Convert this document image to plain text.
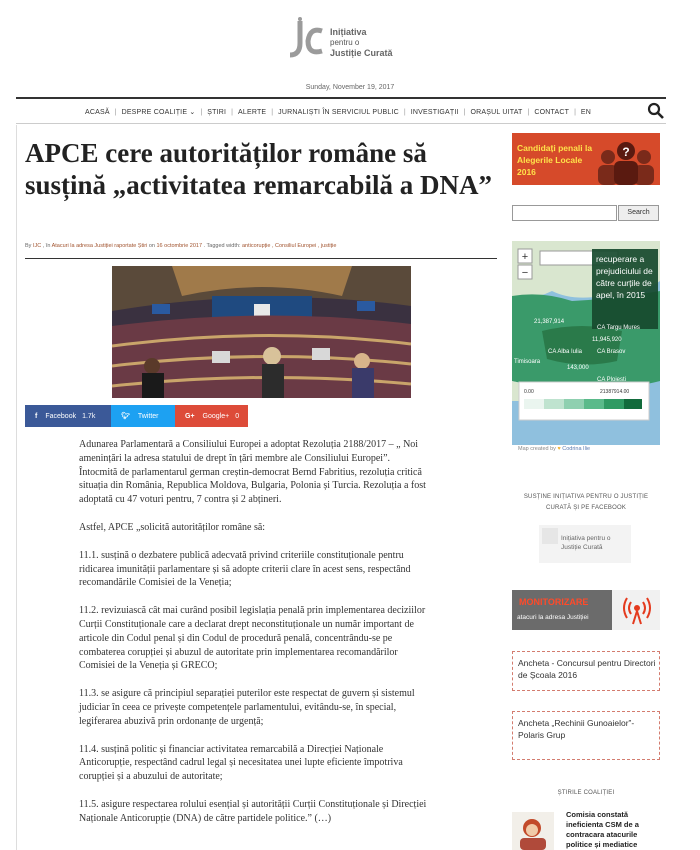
Inițiativa
pentru o
Justiție Curată
Sunday, November 19, 2017
ACASĂ | DESPRE COALIȚIE ⌄ | ȘTIRI | ALERTE | JURNALIȘTI ÎN SERVICIUL PUBLIC | INVESTIGAȚII | ORAȘUL UITAT | CONTACT | EN
APCE cere autorităților române să susțină „activitatea remarcabilă a DNA”
By IJC , în Atacuri la adresa Justiției raportate Știri on 16 octombrie 2017 . Tagged width: anticorupție , Consiliul Europei , justiție
f Facebook 1.7k	🐦︎ Twitter	G+ Google+ 0

Adunarea Parlamentară a Consiliului Europei a adoptat Rezoluția 2188/2017 – „ Noi amenințări la adresa statului de drept în țări membre ale Consiliului Europei”. Întocmită de parlamentarul german creștin-democrat Bernd Fabritius, rezoluția critică situația din România, Republica Moldova, Bulgaria, Polonia și Turcia. Rezoluția a fost adoptată cu 47 voturi pentru, 7 contra și 2 abțineri.

Astfel, APCE „solicită autorităților române să:

11.1. susțină o dezbatere publică adecvată privind criteriile constituționale pentru ridicarea imunității parlamentare și să adopte criterii clare în acest sens, respectând recomandările Comisiei de la Veneția;

11.2. revizuiască cât mai curând posibil legislația penală prin implementarea deciziilor Curții Constituționale care a declarat drept neconstituționale un număr important de articole din Codul penal și din Codul de procedură penală, concentrându-se pe combaterea corupției și abuzul de autoritate prin implementarea recomandărilor Comisiei de la Veneția și GRECO;

11.3. se asigure că principiul separației puterilor este respectat de guvern și sistemul judiciar în ceea ce privește competențele parlamentului, evitându-se, în special, legiferarea abuzivă prin ordonanțe de urgență;

11.4. susțină politic și financiar activitatea remarcabilă a Direcției Naționale Anticorupție, respectând cadrul legal și necesitatea unei lupte eficiente împotriva corupției și a abuzului de autoritate;

11.5. asigure respectarea rolului esențial și autorității Curții Constituționale și Direcției Naționale Anticorupție (DNA) de către partidele politice.” (…)

Candidați penali la Alegerile Locale 2016
?
Search
+
−
21,387,914
11,945,920
Timisoara
CA Alba Iulia CA Brasov
143,000
CA Ploiesti
CA Targu Mures
recuperare a prejudiciului de către curțile de apel, în 2015
0.00	21387914.00
Map created by ♥ Codrina Ilie
SUSȚINE INIȚIATIVA PENTRU O JUSTIȚIE CURATĂ ȘI PE FACEBOOK
Inițiativa pentru o Justiție Curată
MONITORIZARE
atacuri la adresa Justiției
Ancheta - Concursul pentru Directori de Școala 2016
Ancheta „Rechinii Gunoaielor”- Polaris Grup
ȘTIRILE COALIȚIEI
Comisia constată ineficienta CSM de a contracara atacurile politice și mediatice
